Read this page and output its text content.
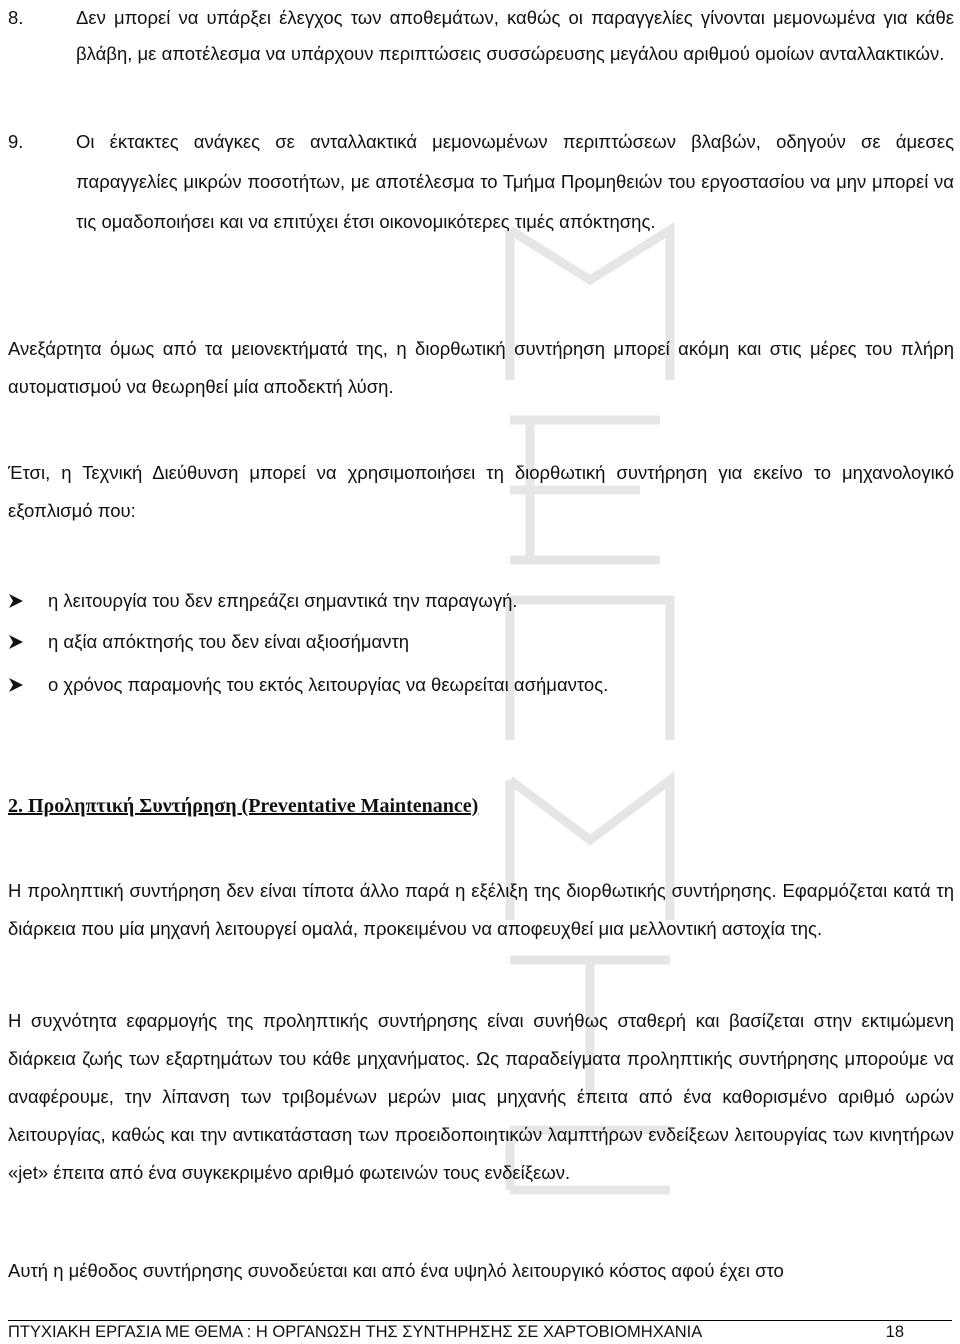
8.	Δεν μπορεί να υπάρξει έλεγχος των αποθεμάτων, καθώς οι παραγγελίες γίνονται μεμονωμένα για κάθε βλάβη, με αποτέλεσμα να υπάρχουν περιπτώσεις συσσώρευσης μεγάλου αριθμού ομοίων ανταλλακτικών.
9.	Οι έκτακτες ανάγκες σε ανταλλακτικά μεμονωμένων περιπτώσεων βλαβών, οδηγούν σε άμεσες παραγγελίες μικρών ποσοτήτων, με αποτέλεσμα το Τμήμα Προμηθειών του εργοστασίου να μην μπορεί να τις ομαδοποιήσει και να επιτύχει έτσι οικονομικότερες τιμές απόκτησης.
Ανεξάρτητα όμως από τα μειονεκτήματά της, η διορθωτική συντήρηση μπορεί ακόμη και στις μέρες του πλήρη αυτοματισμού να θεωρηθεί μία αποδεκτή λύση.
Έτσι, η Τεχνική Διεύθυνση μπορεί να χρησιμοποιήσει τη διορθωτική συντήρηση για εκείνο το μηχανολογικό εξοπλισμό που:
η λειτουργία του δεν επηρεάζει σημαντικά την παραγωγή.
η αξία απόκτησής του δεν είναι αξιοσήμαντη
ο χρόνος παραμονής του εκτός λειτουργίας να θεωρείται ασήμαντος.
2. Προληπτική Συντήρηση (Preventative Maintenance)
Η προληπτική συντήρηση δεν είναι τίποτα άλλο παρά η εξέλιξη της διορθωτικής συντήρησης. Εφαρμόζεται κατά τη διάρκεια που μία μηχανή λειτουργεί ομαλά, προκειμένου να αποφευχθεί μια μελλοντική αστοχία της.
Η συχνότητα εφαρμογής της προληπτικής συντήρησης είναι συνήθως σταθερή και βασίζεται στην εκτιμώμενη διάρκεια ζωής των εξαρτημάτων του κάθε μηχανήματος. Ως παραδείγματα προληπτικής συντήρησης μπορούμε να αναφέρουμε, την λίπανση των τριβομένων μερών μιας μηχανής έπειτα από ένα καθορισμένο αριθμό ωρών λειτουργίας, καθώς και την αντικατάσταση των προειδοποιητικών λαμπτήρων ενδείξεων λειτουργίας των κινητήρων «jet» έπειτα από ένα συγκεκριμένο αριθμό φωτεινών τους ενδείξεων.
Αυτή η μέθοδος συντήρησης συνοδεύεται και από ένα υψηλό λειτουργικό κόστος αφού έχει στο
ΠΤΥΧΙΑΚΗ ΕΡΓΑΣΙΑ ΜΕ ΘΕΜΑ : Η ΟΡΓΑΝΩΣΗ ΤΗΣ ΣΥΝΤΗΡΗΣΗΣ ΣΕ ΧΑΡΤΟΒΙΟΜΗΧΑΝΙΑ	18
